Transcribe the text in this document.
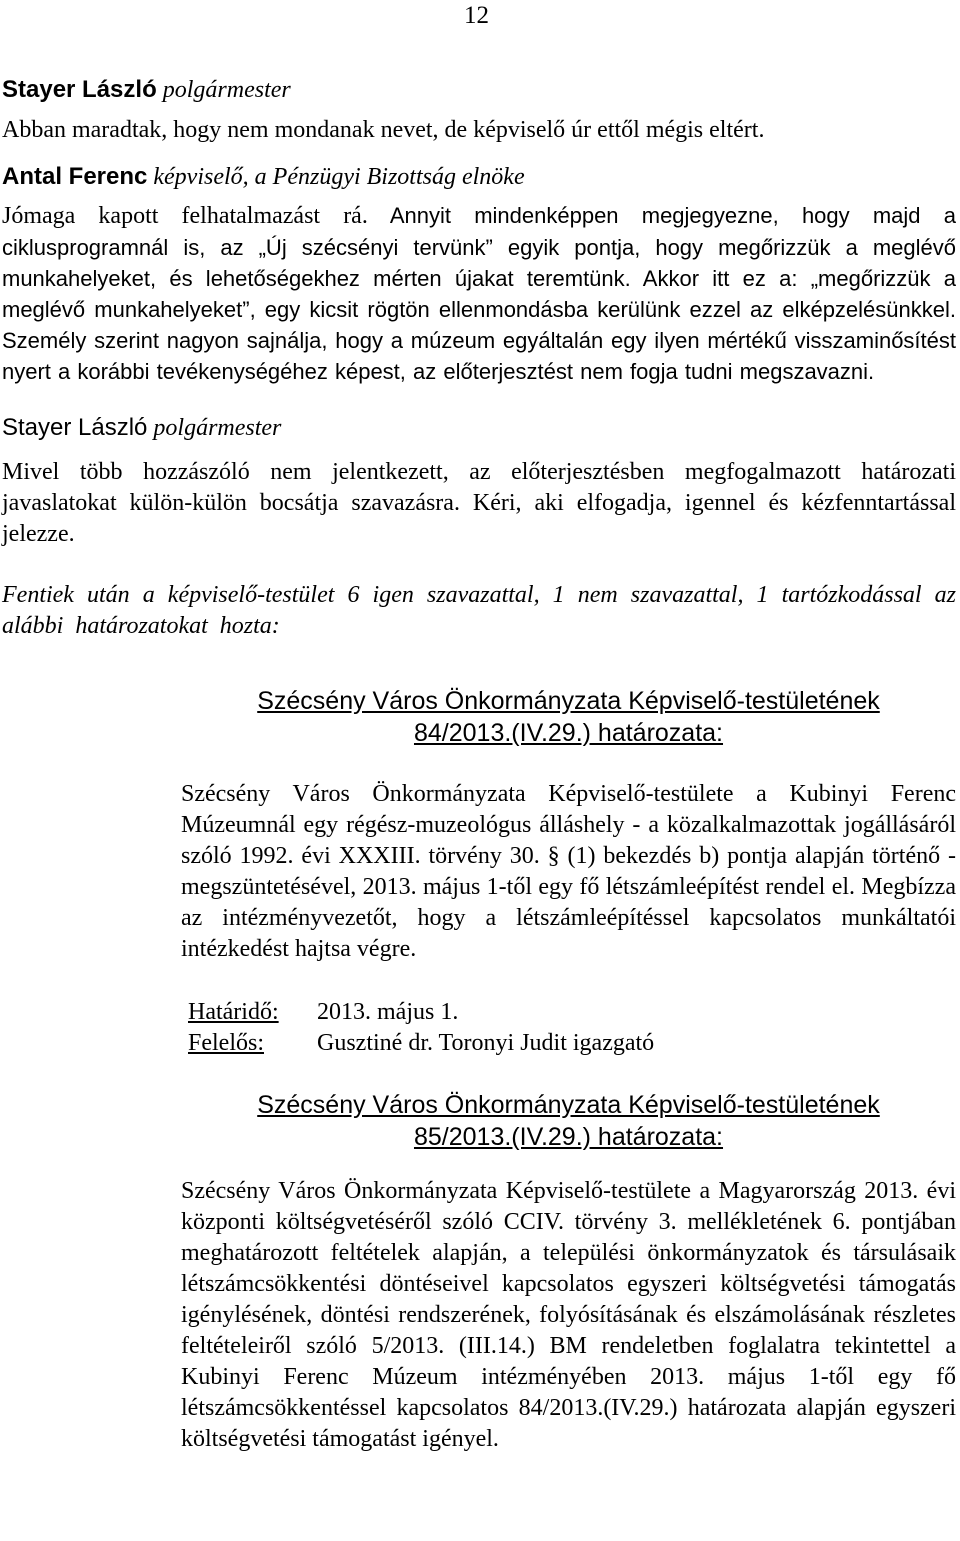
12
Stayer László polgármester
Abban maradtak, hogy nem mondanak nevet, de képviselő úr ettől mégis eltért.
Antal Ferenc képviselő, a Pénzügyi Bizottság elnöke
Jómaga kapott felhatalmazást rá. Annyit mindenképpen megjegyezne, hogy majd a ciklusprogramnál is, az „Új szécsényi tervünk” egyik pontja, hogy megőrizzük a meglévő munkahelyeket, és lehetőségekhez mérten újakat teremtünk. Akkor itt ez a: „megőrizzük a meglévő munkahelyeket”, egy kicsit rögtön ellenmondásba kerülünk ezzel az elképzelésünkkel. Személy szerint nagyon sajnálja, hogy a múzeum egyáltalán egy ilyen mértékű visszaminősítést nyert a korábbi tevékenységéhez képest, az előterjesztést nem fogja tudni megszavazni.
Stayer László polgármester
Mivel több hozzászóló nem jelentkezett, az előterjesztésben megfogalmazott határozati javaslatokat külön-külön bocsátja szavazásra. Kéri, aki elfogadja, igennel és kézfenntartással jelezze.
Fentiek után a képviselő-testület 6 igen szavazattal, 1 nem szavazattal, 1 tartózkodással az alábbi határozatokat hozta:
Szécsény Város Önkormányzata Képviselő-testületének
84/2013.(IV.29.) határozata:
Szécsény Város Önkormányzata Képviselő-testülete a Kubinyi Ferenc Múzeumnál egy régész-muzeológus álláshely - a közalkalmazottak jogállásáról szóló 1992. évi XXXIII. törvény 30. § (1) bekezdés b) pontja alapján történő - megszüntetésével, 2013. május 1-től egy fő létszámleépítést rendel el. Megbízza az intézményvezetőt, hogy a létszámleépítéssel kapcsolatos munkáltatói intézkedést hajtsa végre.
Határidő: 2013. május 1.
Felelős: Gusztiné dr. Toronyi Judit igazgató
Szécsény Város Önkormányzata Képviselő-testületének
85/2013.(IV.29.) határozata:
Szécsény Város Önkormányzata Képviselő-testülete a Magyarország 2013. évi központi költségvetéséről szóló CCIV. törvény 3. mellékletének 6. pontjában meghatározott feltételek alapján, a települési önkormányzatok és társulásaik létszámcsökkentési döntéseivel kapcsolatos egyszeri költségvetési támogatás igénylésének, döntési rendszerének, folyósításának és elszámolásának részletes feltételeiről szóló 5/2013. (III.14.) BM rendeletben foglalatra tekintettel a Kubinyi Ferenc Múzeum intézményében 2013. május 1-től egy fő létszámcsökkentéssel kapcsolatos 84/2013.(IV.29.) határozata alapján egyszeri költségvetési támogatást igényel.
